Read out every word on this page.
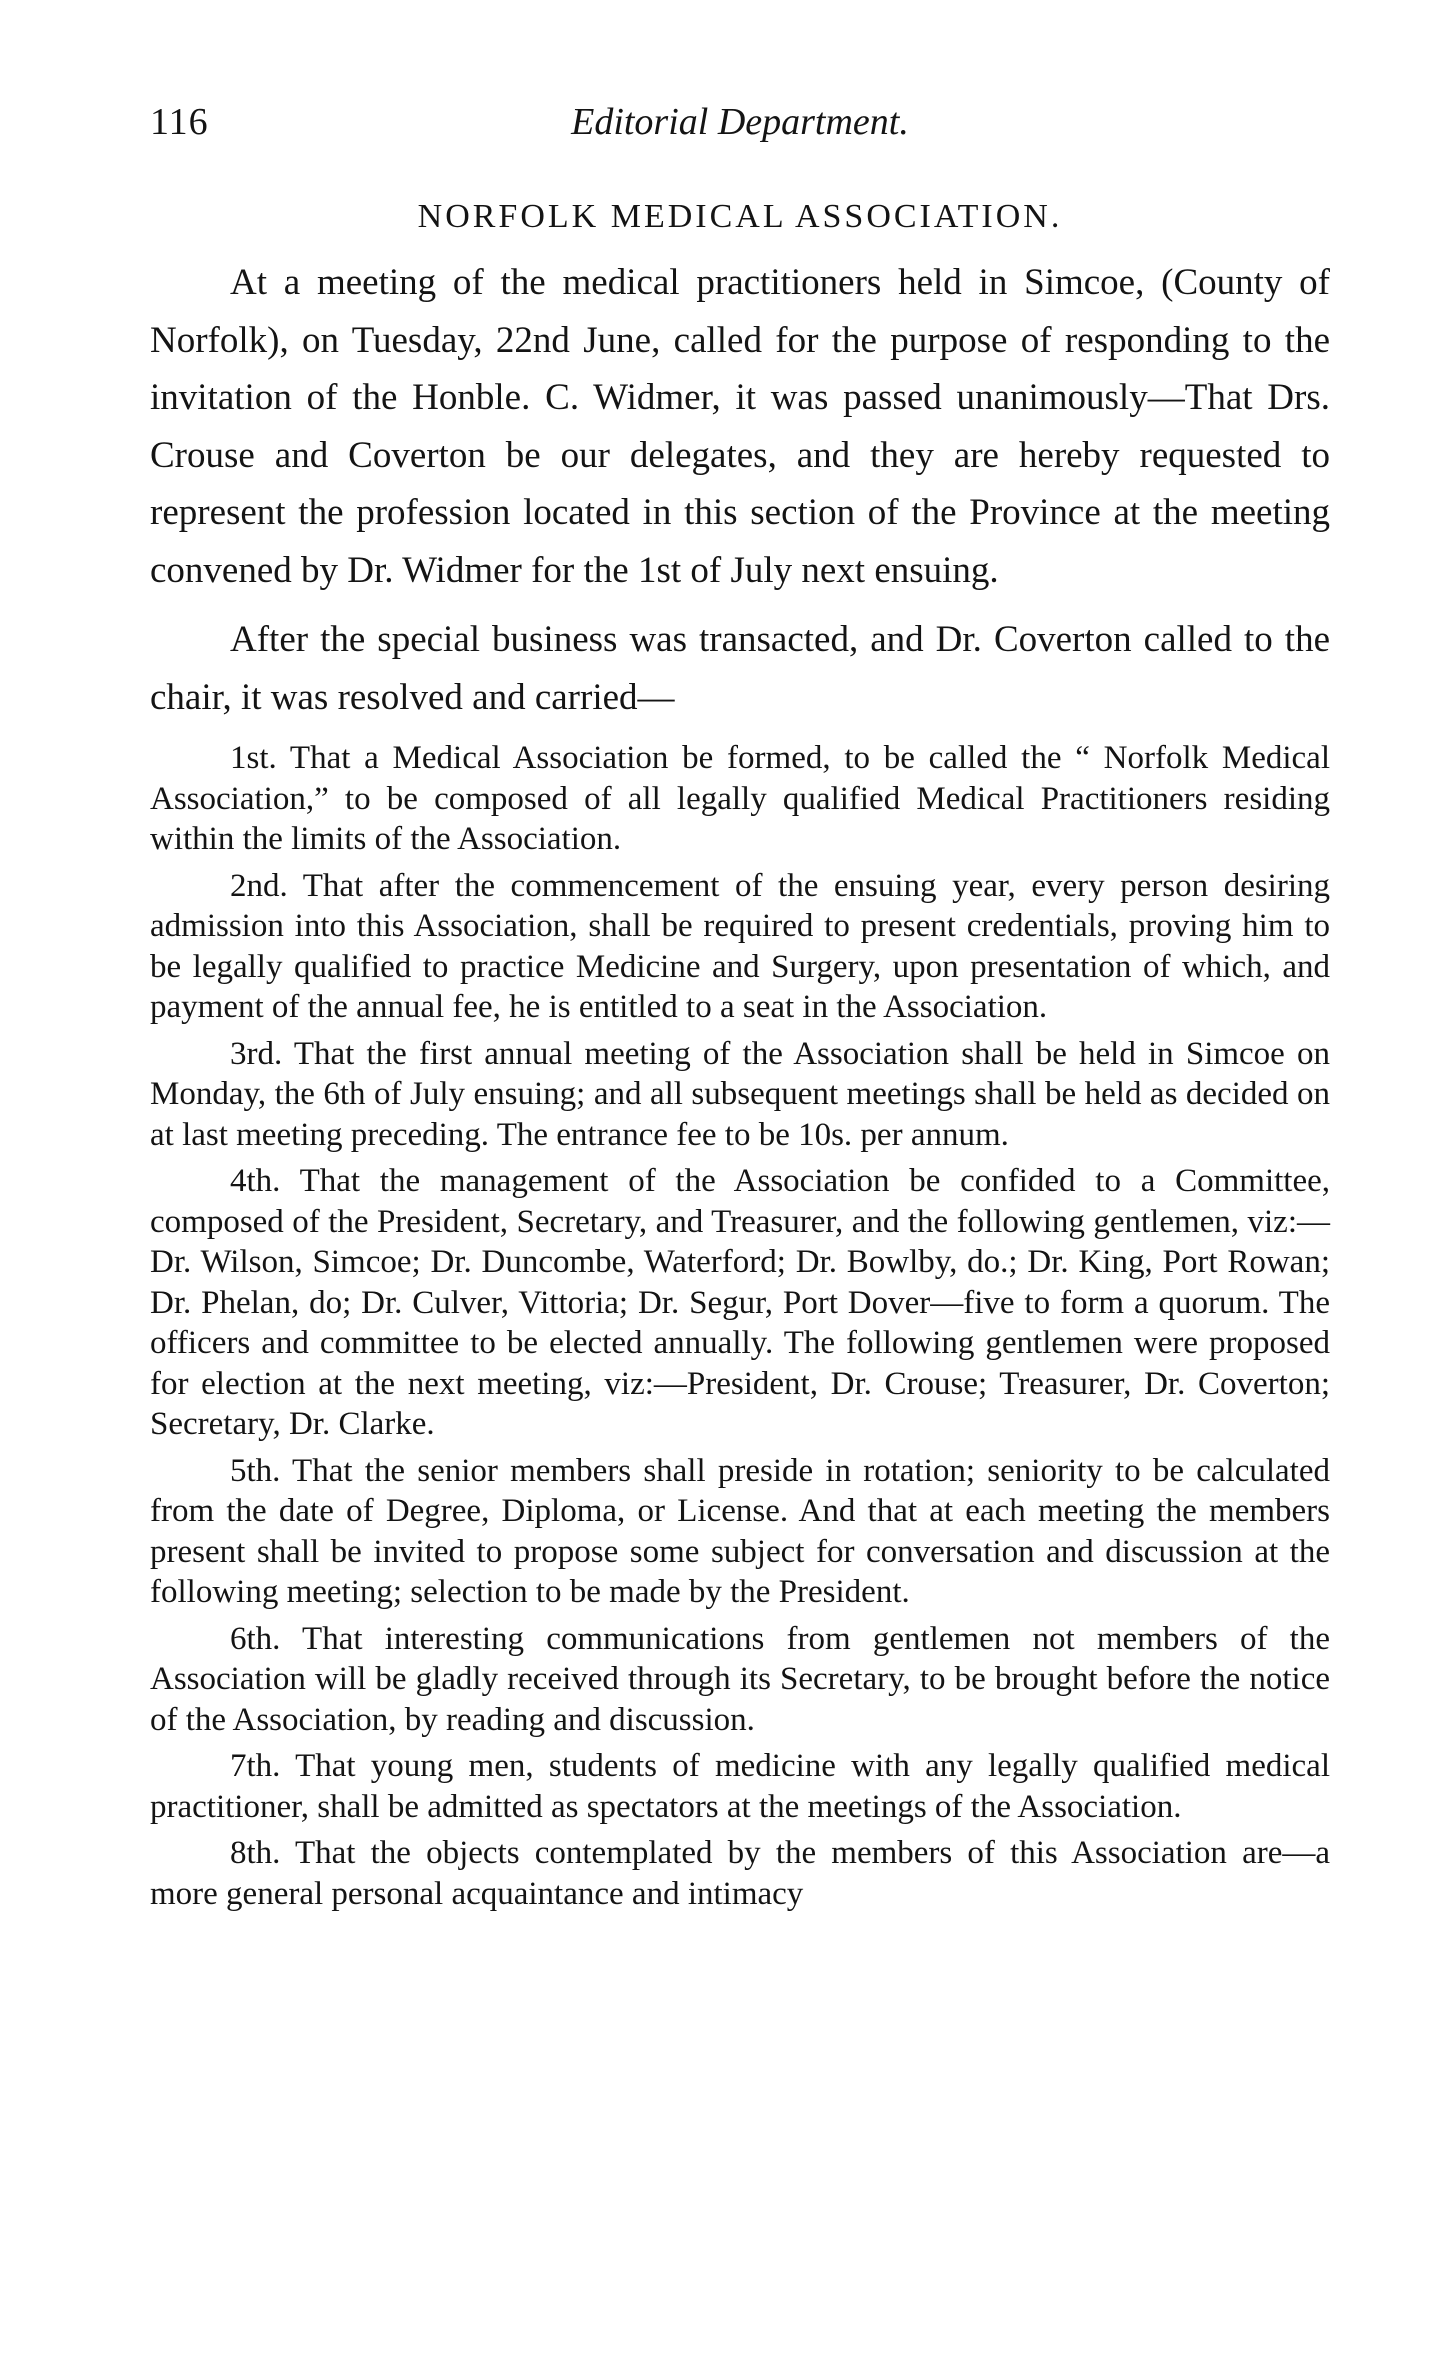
116	Editorial Department.
NORFOLK MEDICAL ASSOCIATION.

At a meeting of the medical practitioners held in Simcoe, (County of Norfolk), on Tuesday, 22nd June, called for the purpose of responding to the invitation of the Honble. C. Widmer, it was passed unanimously—That Drs. Crouse and Coverton be our delegates, and they are hereby requested to represent the profession located in this section of the Province at the meeting convened by Dr. Widmer for the 1st of July next ensuing.

After the special business was transacted, and Dr. Coverton called to the chair, it was resolved and carried—

1st. That a Medical Association be formed, to be called the “ Norfolk Medical Association,” to be composed of all legally qualified Medical Practitioners residing within the limits of the Association.

2nd. That after the commencement of the ensuing year, every person desiring admission into this Association, shall be required to present credentials, proving him to be legally qualified to practice Medicine and Surgery, upon presentation of which, and payment of the annual fee, he is entitled to a seat in the Association.

3rd. That the first annual meeting of the Association shall be held in Simcoe on Monday, the 6th of July ensuing; and all subsequent meetings shall be held as decided on at last meeting preceding. The entrance fee to be 10s. per annum.

4th. That the management of the Association be confided to a Committee, composed of the President, Secretary, and Treasurer, and the following gentlemen, viz:—Dr. Wilson, Simcoe; Dr. Duncombe, Waterford; Dr. Bowlby, do.; Dr. King, Port Rowan; Dr. Phelan, do; Dr. Culver, Vittoria; Dr. Segur, Port Dover—five to form a quorum. The officers and committee to be elected annually. The following gentlemen were proposed for election at the next meeting, viz:—President, Dr. Crouse; Treasurer, Dr. Coverton; Secretary, Dr. Clarke.

5th. That the senior members shall preside in rotation; seniority to be calculated from the date of Degree, Diploma, or License. And that at each meeting the members present shall be invited to propose some subject for conversation and discussion at the following meeting; selection to be made by the President.

6th. That interesting communications from gentlemen not members of the Association will be gladly received through its Secretary, to be brought before the notice of the Association, by reading and discussion.

7th. That young men, students of medicine with any legally qualified medical practitioner, shall be admitted as spectators at the meetings of the Association.

8th. That the objects contemplated by the members of this Association are—a more general personal acquaintance and intimacy
